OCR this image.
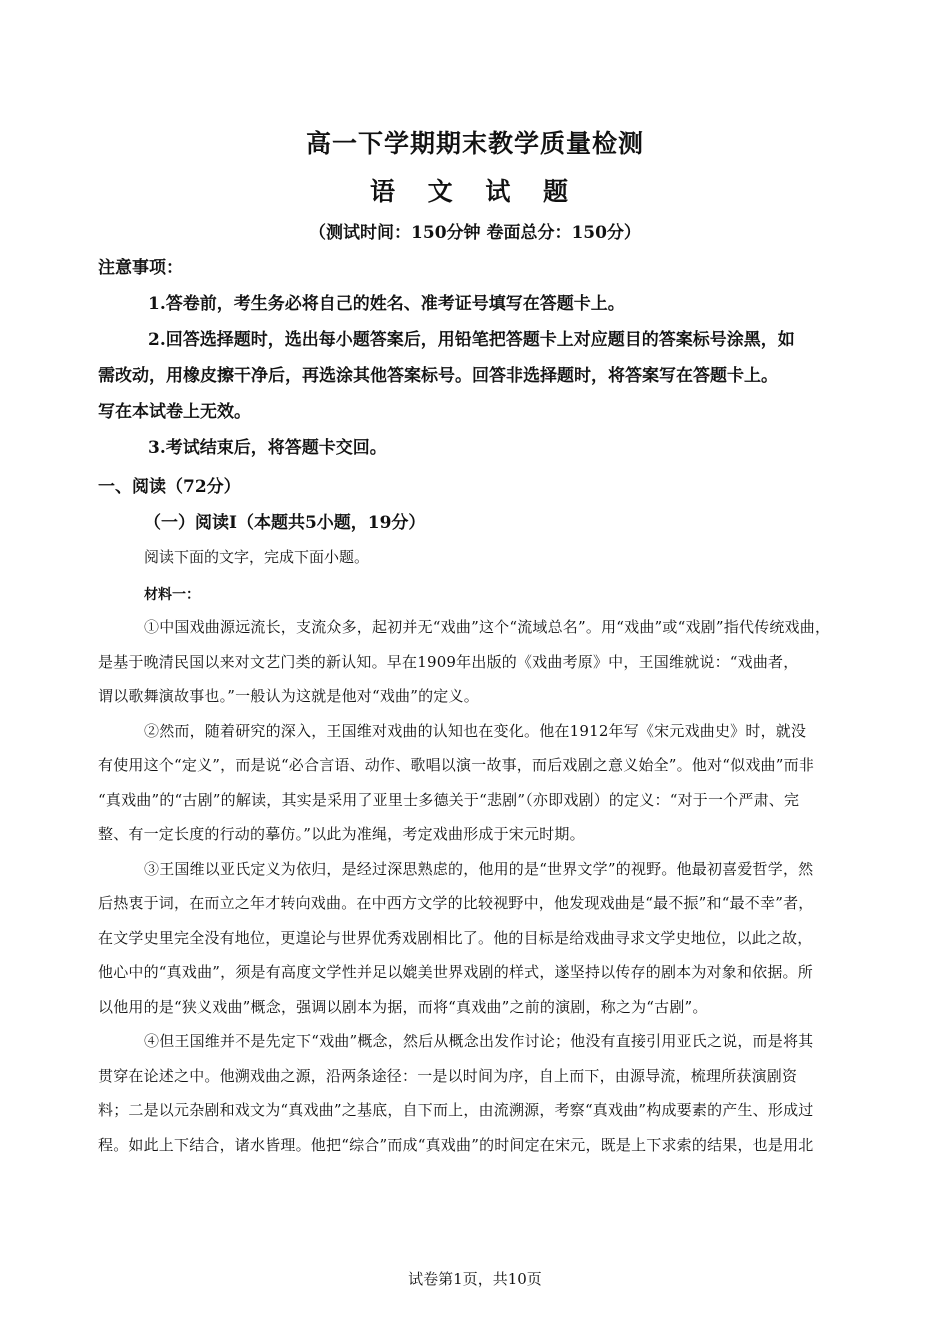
高一下学期期末教学质量检测
语 文 试 题
（测试时间：150分钟 卷面总分：150分）
注意事项：
1.答卷前，考生务必将自己的姓名、准考证号填写在答题卡上。
2.回答选择题时，选出每小题答案后，用铅笔把答题卡上对应题目的答案标号涂黑，如
需改动，用橡皮擦干净后，再选涂其他答案标号。回答非选择题时，将答案写在答题卡上。
写在本试卷上无效。
3.考试结束后，将答题卡交回。
一、阅读（72分）
（一）阅读I（本题共5小题，19分）
阅读下面的文字，完成下面小题。
材料一：
①中国戏曲源远流长，支流众多，起初并无“戏曲”这个“流域总名”。用“戏曲”或“戏剧”指代传统戏曲，
是基于晚清民国以来对文艺门类的新认知。早在1909年出版的《戏曲考原》中，王国维就说：“戏曲者，
谓以歌舞演故事也。”一般认为这就是他对“戏曲”的定义。
②然而，随着研究的深入，王国维对戏曲的认知也在变化。他在1912年写《宋元戏曲史》时，就没
有使用这个“定义”，而是说“必合言语、动作、歌唱以演一故事，而后戏剧之意义始全”。他对“似戏曲”而非
“真戏曲”的“古剧”的解读，其实是采用了亚里士多德关于“悲剧”（亦即戏剧）的定义：“对于一个严肃、完
整、有一定长度的行动的摹仿。”以此为准绳，考定戏曲形成于宋元时期。
③王国维以亚氏定义为依归，是经过深思熟虑的，他用的是“世界文学”的视野。他最初喜爱哲学，然
后热衷于词，在而立之年才转向戏曲。在中西方文学的比较视野中，他发现戏曲是“最不振”和“最不幸”者，
在文学史里完全没有地位，更遑论与世界优秀戏剧相比了。他的目标是给戏曲寻求文学史地位，以此之故，
他心中的“真戏曲”，须是有高度文学性并足以媲美世界戏剧的样式，遂坚持以传存的剧本为对象和依据。所
以他用的是“狭义戏曲”概念，强调以剧本为据，而将“真戏曲”之前的演剧，称之为“古剧”。
④但王国维并不是先定下“戏曲”概念，然后从概念出发作讨论；他没有直接引用亚氏之说，而是将其
贯穿在论述之中。他溯戏曲之源，沿两条途径：一是以时间为序，自上而下，由源导流，梳理所获演剧资
料；二是以元杂剧和戏文为“真戏曲”之基底，自下而上，由流溯源，考察“真戏曲”构成要素的产生、形成过
程。如此上下结合，诸水皆理。他把“综合”而成“真戏曲”的时间定在宋元，既是上下求索的结果，也是用北
试卷第1页，共10页
